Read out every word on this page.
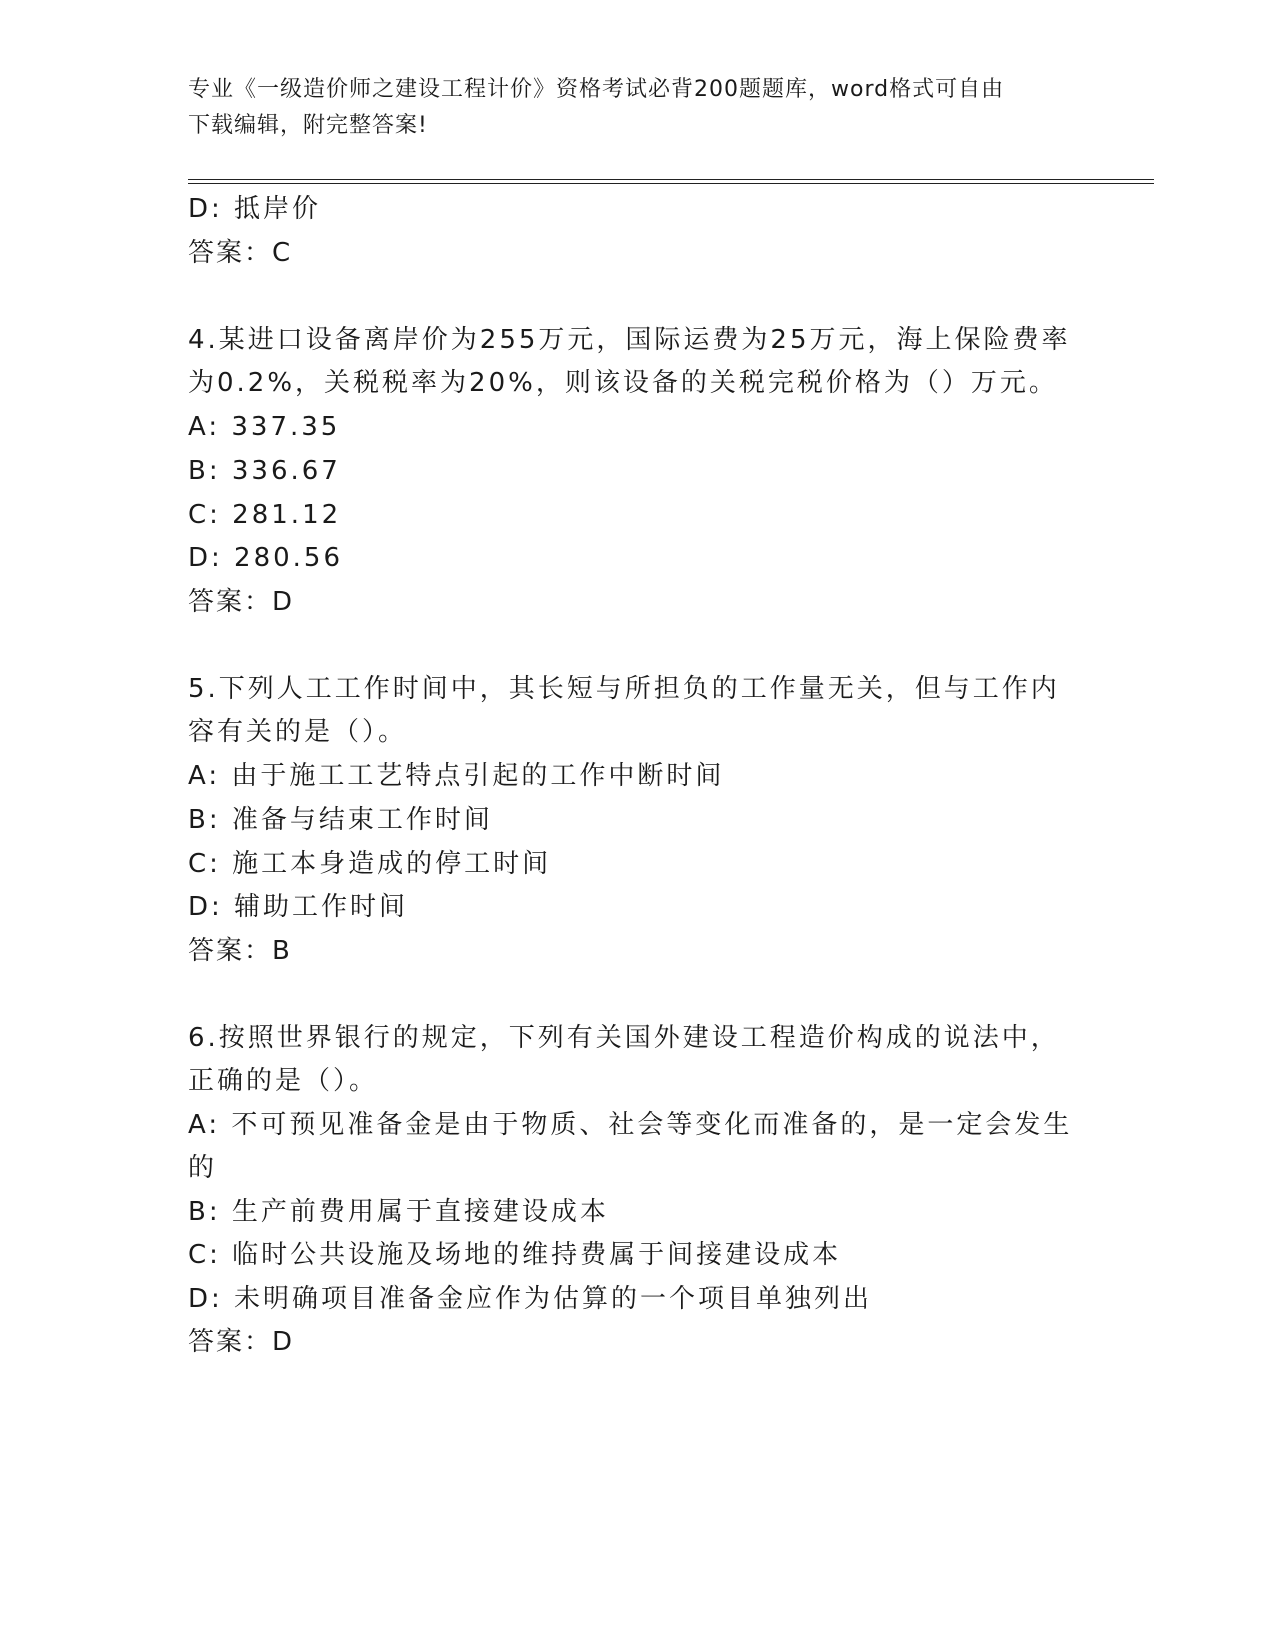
专业《一级造价师之建设工程计价》资格考试必背200题题库，word格式可自由
下载编辑，附完整答案!
D: 抵岸价
答案：C
4.某进口设备离岸价为255万元，国际运费为25万元，海上保险费率
为0.2%，关税税率为20%，则该设备的关税完税价格为（）万元。
A: 337.35
B: 336.67
C: 281.12
D: 280.56
答案：D
5.下列人工工作时间中，其长短与所担负的工作量无关，但与工作内
容有关的是（）。
A: 由于施工工艺特点引起的工作中断时间
B: 准备与结束工作时间
C: 施工本身造成的停工时间
D: 辅助工作时间
答案：B
6.按照世界银行的规定，下列有关国外建设工程造价构成的说法中，
正确的是（）。
A: 不可预见准备金是由于物质、社会等变化而准备的，是一定会发生
的
B: 生产前费用属于直接建设成本
C: 临时公共设施及场地的维持费属于间接建设成本
D: 未明确项目准备金应作为估算的一个项目单独列出
答案：D
